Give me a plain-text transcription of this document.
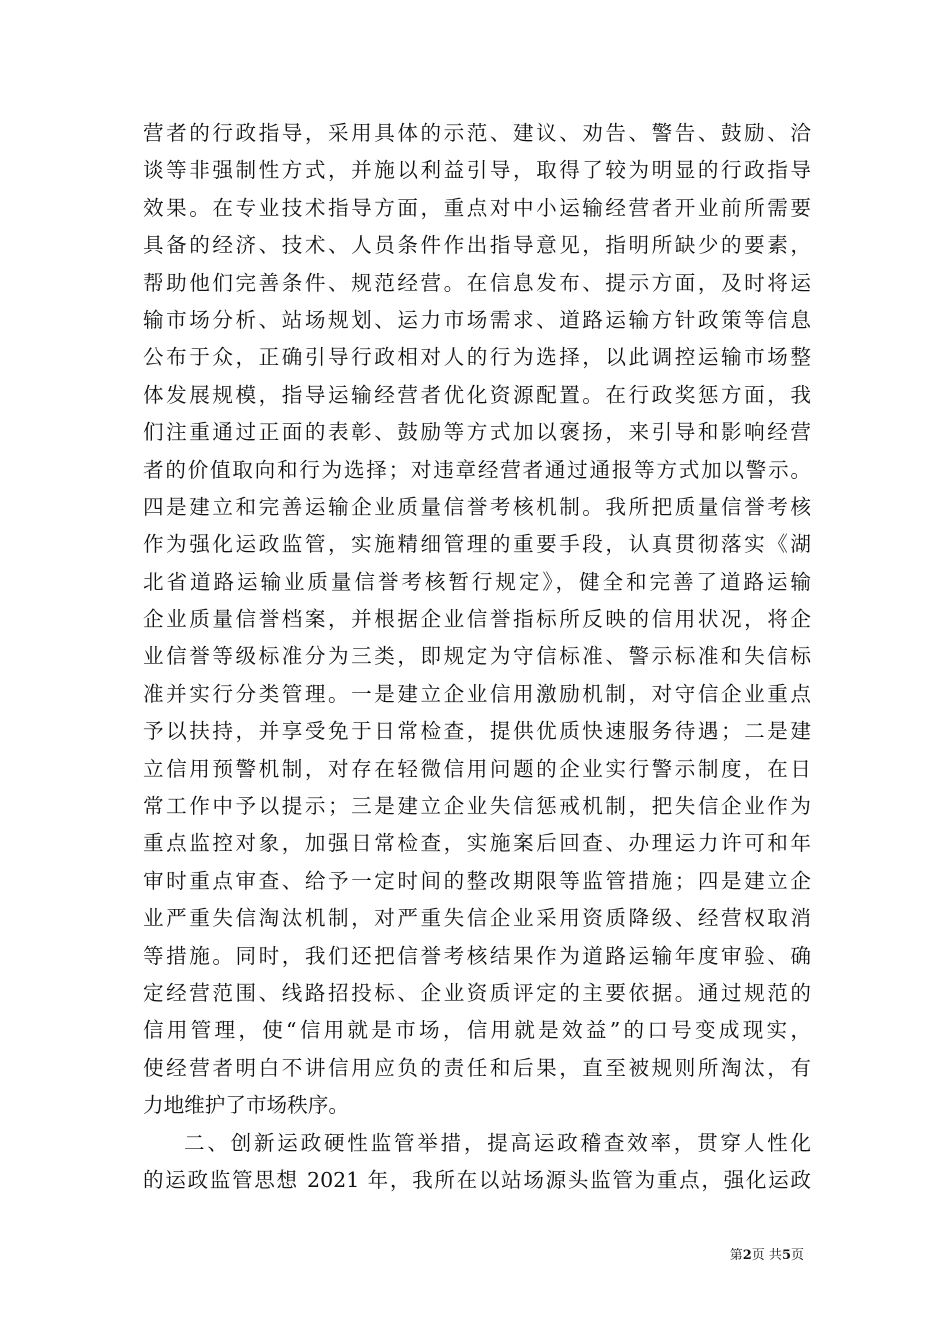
营者的行政指导，采用具体的示范、建议、劝告、警告、鼓励、洽
谈等非强制性方式，并施以利益引导，取得了较为明显的行政指导
效果。在专业技术指导方面，重点对中小运输经营者开业前所需要
具备的经济、技术、人员条件作出指导意见，指明所缺少的要素，
帮助他们完善条件、规范经营。在信息发布、提示方面，及时将运
输市场分析、站场规划、运力市场需求、道路运输方针政策等信息
公布于众，正确引导行政相对人的行为选择，以此调控运输市场整
体发展规模，指导运输经营者优化资源配置。在行政奖惩方面，我
们注重通过正面的表彰、鼓励等方式加以褒扬，来引导和影响经营
者的价值取向和行为选择；对违章经营者通过通报等方式加以警示。
四是建立和完善运输企业质量信誉考核机制。我所把质量信誉考核
作为强化运政监管，实施精细管理的重要手段，认真贯彻落实《湖
北省道路运输业质量信誉考核暂行规定》，健全和完善了道路运输
企业质量信誉档案，并根据企业信誉指标所反映的信用状况，将企
业信誉等级标准分为三类，即规定为守信标准、警示标准和失信标
准并实行分类管理。一是建立企业信用激励机制，对守信企业重点
予以扶持，并享受免于日常检查，提供优质快速服务待遇；二是建
立信用预警机制，对存在轻微信用问题的企业实行警示制度，在日
常工作中予以提示；三是建立企业失信惩戒机制，把失信企业作为
重点监控对象，加强日常检查，实施案后回查、办理运力许可和年
审时重点审查、给予一定时间的整改期限等监管措施；四是建立企
业严重失信淘汰机制，对严重失信企业采用资质降级、经营权取消
等措施。同时，我们还把信誉考核结果作为道路运输年度审验、确
定经营范围、线路招投标、企业资质评定的主要依据。通过规范的
信用管理，使“信用就是市场，信用就是效益”的口号变成现实，
使经营者明白不讲信用应负的责任和后果，直至被规则所淘汰，有
力地维护了市场秩序。
二、创新运政硬性监管举措，提高运政稽查效率，贯穿人性化
的运政监管思想 2021 年，我所在以站场源头监管为重点，强化运政
第2页 共5页
